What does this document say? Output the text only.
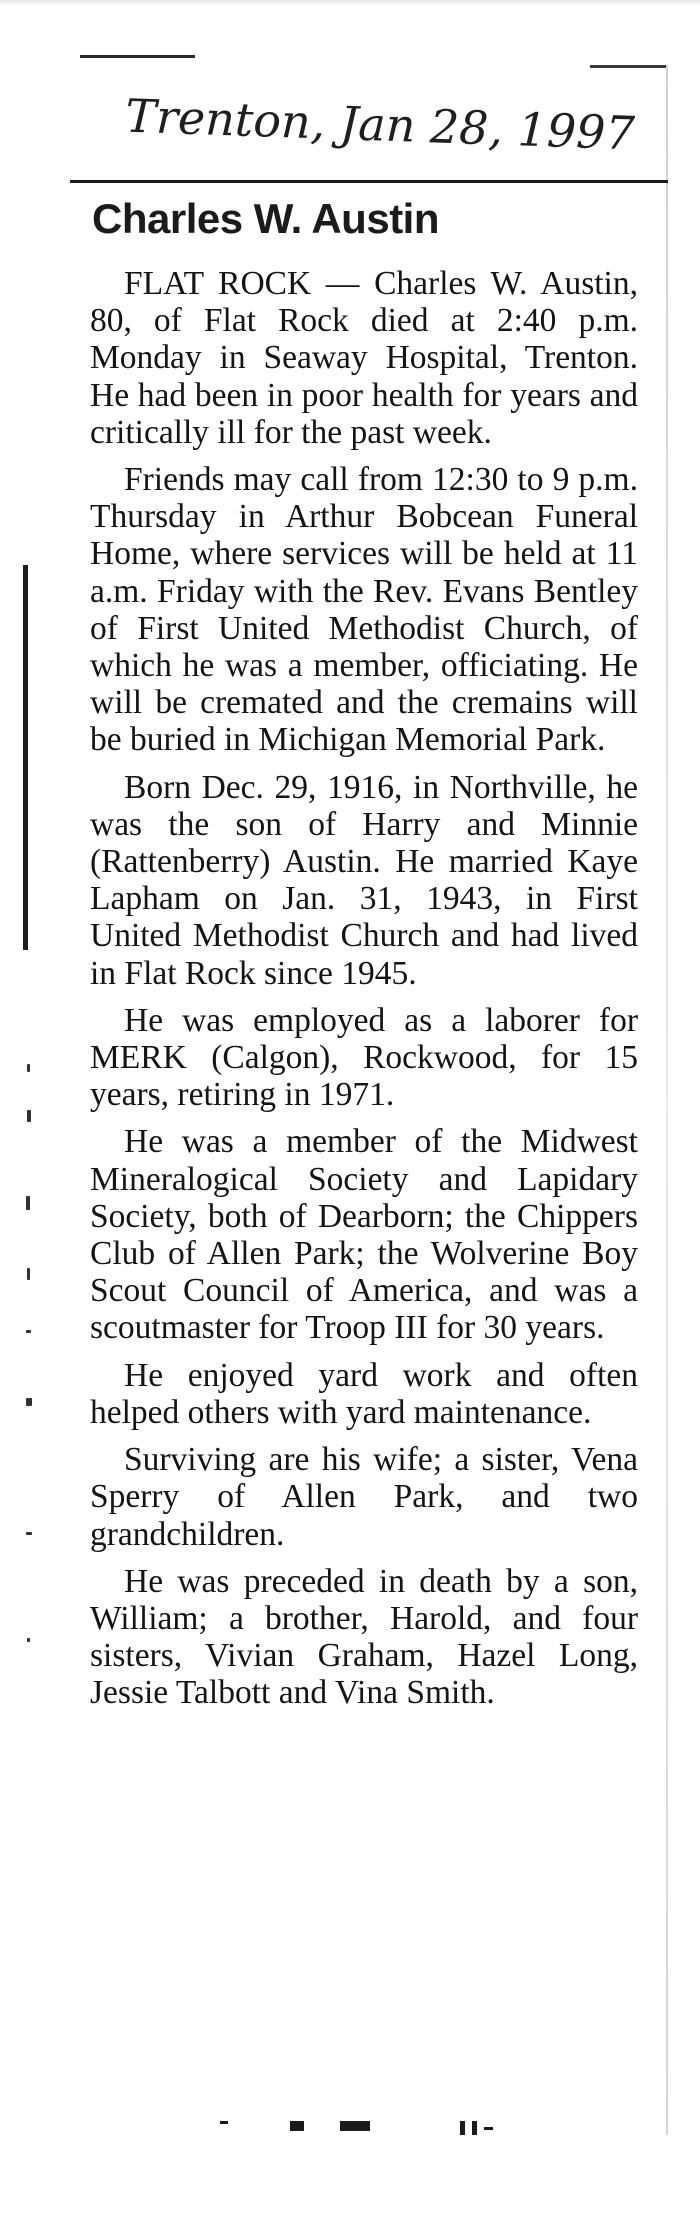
Trenton, Jan 28, 1997
Charles W. Austin

FLAT ROCK — Charles W. Austin, 80, of Flat Rock died at 2:40 p.m. Monday in Seaway Hospital, Trenton. He had been in poor health for years and critically ill for the past week.

Friends may call from 12:30 to 9 p.m. Thursday in Arthur Bobcean Funeral Home, where services will be held at 11 a.m. Friday with the Rev. Evans Bentley of First United Methodist Church, of which he was a member, officiating. He will be cremated and the cremains will be buried in Michigan Memorial Park.

Born Dec. 29, 1916, in Northville, he was the son of Harry and Minnie (Rattenberry) Austin. He married Kaye Lapham on Jan. 31, 1943, in First United Methodist Church and had lived in Flat Rock since 1945.

He was employed as a laborer for MERK (Calgon), Rockwood, for 15 years, retiring in 1971.

He was a member of the Midwest Mineralogical Society and Lapidary Society, both of Dearborn; the Chippers Club of Allen Park; the Wolverine Boy Scout Council of America, and was a scoutmaster for Troop III for 30 years.

He enjoyed yard work and often helped others with yard maintenance.

Surviving are his wife; a sister, Vena Sperry of Allen Park, and two grandchildren.

He was preceded in death by a son, William; a brother, Harold, and four sisters, Vivian Graham, Hazel Long, Jessie Talbott and Vina Smith.
